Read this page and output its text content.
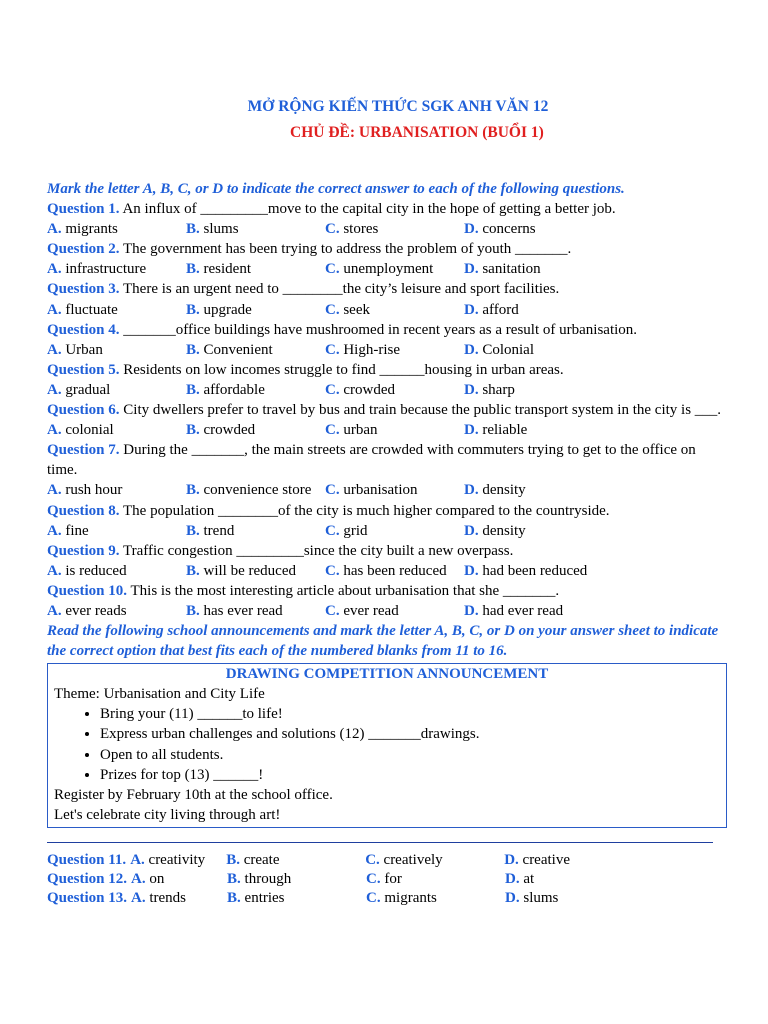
MỞ RỘNG KIẾN THỨC SGK ANH VĂN 12
CHỦ ĐỀ: URBANISATION (BUỔI 1)
Mark the letter A, B, C, or D to indicate the correct answer to each of the following questions.
Question 1. An influx of _________move to the capital city in the hope of getting a better job.
A. migrants	B. slums	C. stores	D. concerns
Question 2. The government has been trying to address the problem of youth _______.
A. infrastructure	B. resident	C. unemployment	D. sanitation
Question 3. There is an urgent need to ________the city’s leisure and sport facilities.
A. fluctuate	B. upgrade	C. seek	D. afford
Question 4. _______office buildings have mushroomed in recent years as a result of urbanisation.
A. Urban	B. Convenient	C. High-rise	D. Colonial
Question 5. Residents on low incomes struggle to find ______housing in urban areas.
A. gradual	B. affordable	C. crowded	D. sharp
Question 6. City dwellers prefer to travel by bus and train because the public transport system in the city is ___.
A. colonial	B. crowded	C. urban	D. reliable
Question 7. During the _______, the main streets are crowded with commuters trying to get to the office on time.
A. rush hour	B. convenience store C. urbanisation	D. density
Question 8. The population ________of the city is much higher compared to the countryside.
A. fine	B. trend	C. grid	D. density
Question 9. Traffic congestion _________since the city built a new overpass.
A. is reduced	B. will be reduced	C. has been reduced	D. had been reduced
Question 10. This is the most interesting article about urbanisation that she _______.
A. ever reads	B. has ever read	C. ever read	D. had ever read
Read the following school announcements and mark the letter A, B, C, or D on your answer sheet to indicate the correct option that best fits each of the numbered blanks from 11 to 16.
DRAWING COMPETITION ANNOUNCEMENT
Theme: Urbanisation and City Life
• Bring your (11) ______to life!
• Express urban challenges and solutions (12) _______drawings.
• Open to all students.
• Prizes for top (13) ______!
Register by February 10th at the school office.
Let's celebrate city living through art!
Question 11. A. creativity	B. create	C. creatively	D. creative
Question 12. A. on	B. through	C. for	D. at
Question 13. A. trends	B. entries	C. migrants	D. slums
